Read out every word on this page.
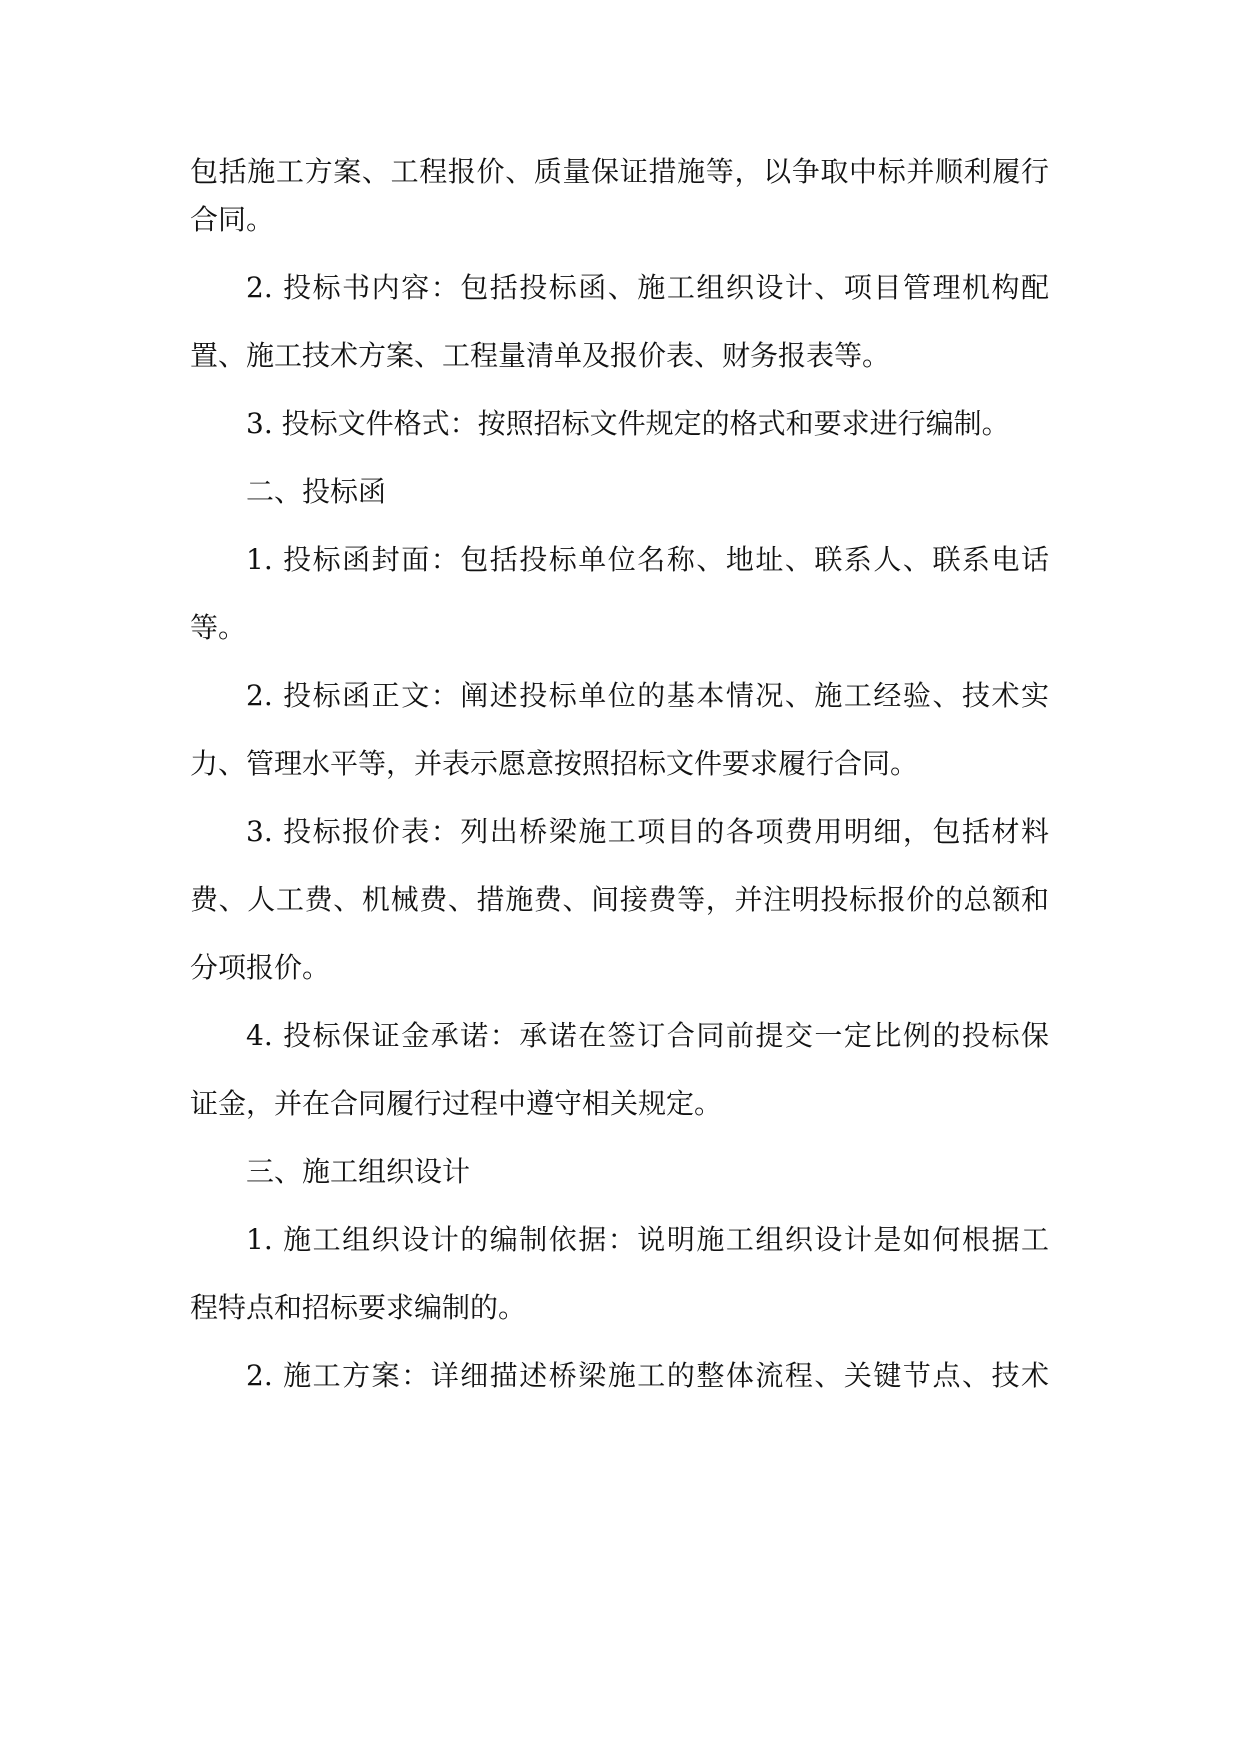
包括施工方案、工程报价、质量保证措施等，以争取中标并顺利履行
合同。
2. 投标书内容：包括投标函、施工组织设计、项目管理机构配
置、施工技术方案、工程量清单及报价表、财务报表等。
3. 投标文件格式：按照招标文件规定的格式和要求进行编制。
二、投标函
1. 投标函封面：包括投标单位名称、地址、联系人、联系电话
等。
2. 投标函正文：阐述投标单位的基本情况、施工经验、技术实
力、管理水平等，并表示愿意按照招标文件要求履行合同。
3. 投标报价表：列出桥梁施工项目的各项费用明细，包括材料
费、人工费、机械费、措施费、间接费等，并注明投标报价的总额和
分项报价。
4. 投标保证金承诺：承诺在签订合同前提交一定比例的投标保
证金，并在合同履行过程中遵守相关规定。
三、施工组织设计
1. 施工组织设计的编制依据：说明施工组织设计是如何根据工
程特点和招标要求编制的。
2. 施工方案：详细描述桥梁施工的整体流程、关键节点、技术
